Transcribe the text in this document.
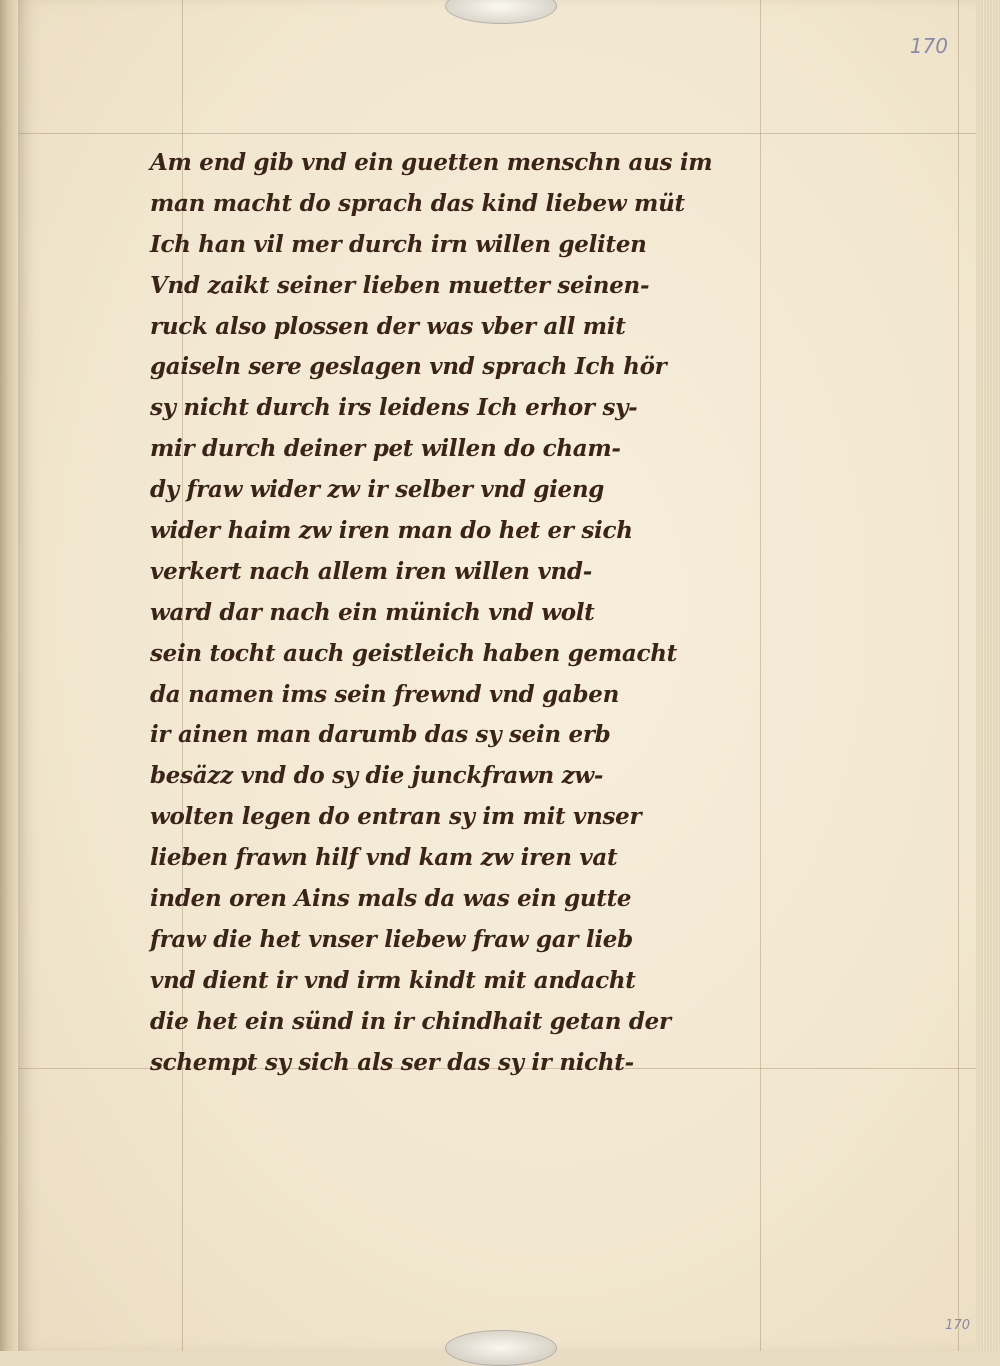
170
170
Am end gib vnd ein guetten menschn aus im
man macht do sprach das kind liebew müt
Ich han vil mer durch irn willen geliten
Vnd zaikt seiner lieben muetter seinen-
ruck also plossen der was vber all mit
gaiseln sere geslagen vnd sprach Ich hör
sy nicht durch irs leidens Ich erhor sy-
mir durch deiner pet willen do cham-
dy fraw wider zw ir selber vnd gieng
wider haim zw iren man do het er sich
verkert nach allem iren willen vnd-
ward dar nach ein münich vnd wolt
sein tocht auch geistleich haben gemacht
da namen ims sein frewnd vnd gaben
ir ainen man darumb das sy sein erb
besäzz vnd do sy die junckfrawn zw-
wolten legen do entran sy im mit vnser
lieben frawn hilf vnd kam zw iren vat
inden oren Ains mals da was ein gutte
fraw die het vnser liebew fraw gar lieb
vnd dient ir vnd irm kindt mit andacht
die het ein sünd in ir chindhait getan der
schempt sy sich als ser das sy ir nicht-
